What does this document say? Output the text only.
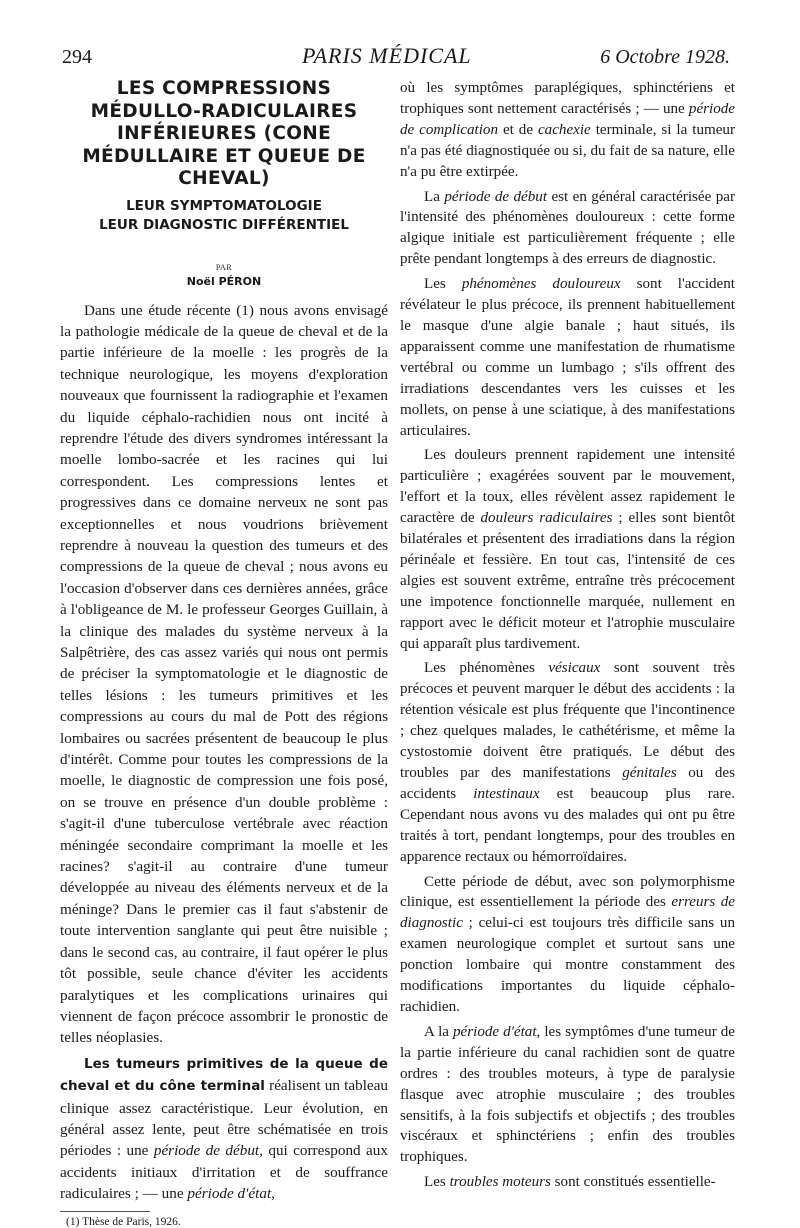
294	PARIS MÉDICAL	6 Octobre 1928.
LES COMPRESSIONS MÉDULLO-RADICULAIRES INFÉRIEURES (CONE MÉDULLAIRE ET QUEUE DE CHEVAL)

LEUR SYMPTOMATOLOGIE
LEUR DIAGNOSTIC DIFFÉRENTIEL

PAR

Noël PÉRON

Dans une étude récente (1) nous avons envisagé la pathologie médicale de la queue de cheval et de la partie inférieure de la moelle : les progrès de la technique neurologique, les moyens d'exploration nouveaux que fournissent la radiographie et l'examen du liquide céphalo-rachidien nous ont incité à reprendre l'étude des divers syndromes intéressant la moelle lombo-sacrée et les racines qui lui correspondent. Les compressions lentes et progressives dans ce domaine nerveux ne sont pas exceptionnelles et nous voudrions brièvement reprendre à nouveau la question des tumeurs et des compressions de la queue de cheval ; nous avons eu l'occasion d'observer dans ces dernières années, grâce à l'obligeance de M. le professeur Georges Guillain, à la clinique des malades du système nerveux à la Salpêtrière, des cas assez variés qui nous ont permis de préciser la symptomatologie et le diagnostic de telles lésions : les tumeurs primitives et les compressions au cours du mal de Pott des régions lombaires ou sacrées présentent de beaucoup le plus d'intérêt. Comme pour toutes les compressions de la moelle, le diagnostic de compression une fois posé, on se trouve en présence d'un double problème : s'agit-il d'une tuberculose vertébrale avec réaction méningée secondaire comprimant la moelle et les racines? s'agit-il au contraire d'une tumeur développée au niveau des éléments nerveux et de la méninge? Dans le premier cas il faut s'abstenir de toute intervention sanglante qui peut être nuisible ; dans le second cas, au contraire, il faut opérer le plus tôt possible, seule chance d'éviter les accidents paralytiques et les complications urinaires qui viennent de façon précoce assombrir le pronostic de telles néoplasies.

Les tumeurs primitives de la queue de cheval et du cône terminal réalisent un tableau clinique assez caractéristique. Leur évolution, en général assez lente, peut être schématisée en trois périodes : une période de début, qui correspond aux accidents initiaux d'irritation et de souffrance radiculaires ; — une période d'état,

(1) Thèse de Paris, 1926.

où les symptômes paraplégiques, sphinctériens et trophiques sont nettement caractérisés ; — une période de complication et de cachexie terminale, si la tumeur n'a pas été diagnostiquée ou si, du fait de sa nature, elle n'a pu être extirpée.

La période de début est en général caractérisée par l'intensité des phénomènes douloureux : cette forme algique initiale est particulièrement fréquente ; elle prête pendant longtemps à des erreurs de diagnostic.

Les phénomènes douloureux sont l'accident révélateur le plus précoce, ils prennent habituellement le masque d'une algie banale ; haut situés, ils apparaissent comme une manifestation de rhumatisme vertébral ou comme un lumbago ; s'ils offrent des irradiations descendantes vers les cuisses et les mollets, on pense à une sciatique, à des manifestations articulaires.

Les douleurs prennent rapidement une intensité particulière ; exagérées souvent par le mouvement, l'effort et la toux, elles révèlent assez rapidement le caractère de douleurs radiculaires ; elles sont bientôt bilatérales et présentent des irradiations dans la région périnéale et fessière. En tout cas, l'intensité de ces algies est souvent extrême, entraîne très précocement une impotence fonctionnelle marquée, nullement en rapport avec le déficit moteur et l'atrophie musculaire qui apparaît plus tardivement.

Les phénomènes vésicaux sont souvent très précoces et peuvent marquer le début des accidents : la rétention vésicale est plus fréquente que l'incontinence ; chez quelques malades, le cathétérisme, et même la cystostomie doivent être pratiqués. Le début des troubles par des manifestations génitales ou des accidents intestinaux est beaucoup plus rare. Cependant nous avons vu des malades qui ont pu être traités à tort, pendant longtemps, pour des troubles en apparence rectaux ou hémorroïdaires.

Cette période de début, avec son polymorphisme clinique, est essentiellement la période des erreurs de diagnostic ; celui-ci est toujours très difficile sans un examen neurologique complet et surtout sans une ponction lombaire qui montre constamment des modifications importantes du liquide céphalo-rachidien.

A la période d'état, les symptômes d'une tumeur de la partie inférieure du canal rachidien sont de quatre ordres : des troubles moteurs, à type de paralysie flasque avec atrophie musculaire ; des troubles sensitifs, à la fois subjectifs et objectifs ; des troubles viscéraux et sphinctériens ; enfin des troubles trophiques.

Les troubles moteurs sont constitués essentielle-
